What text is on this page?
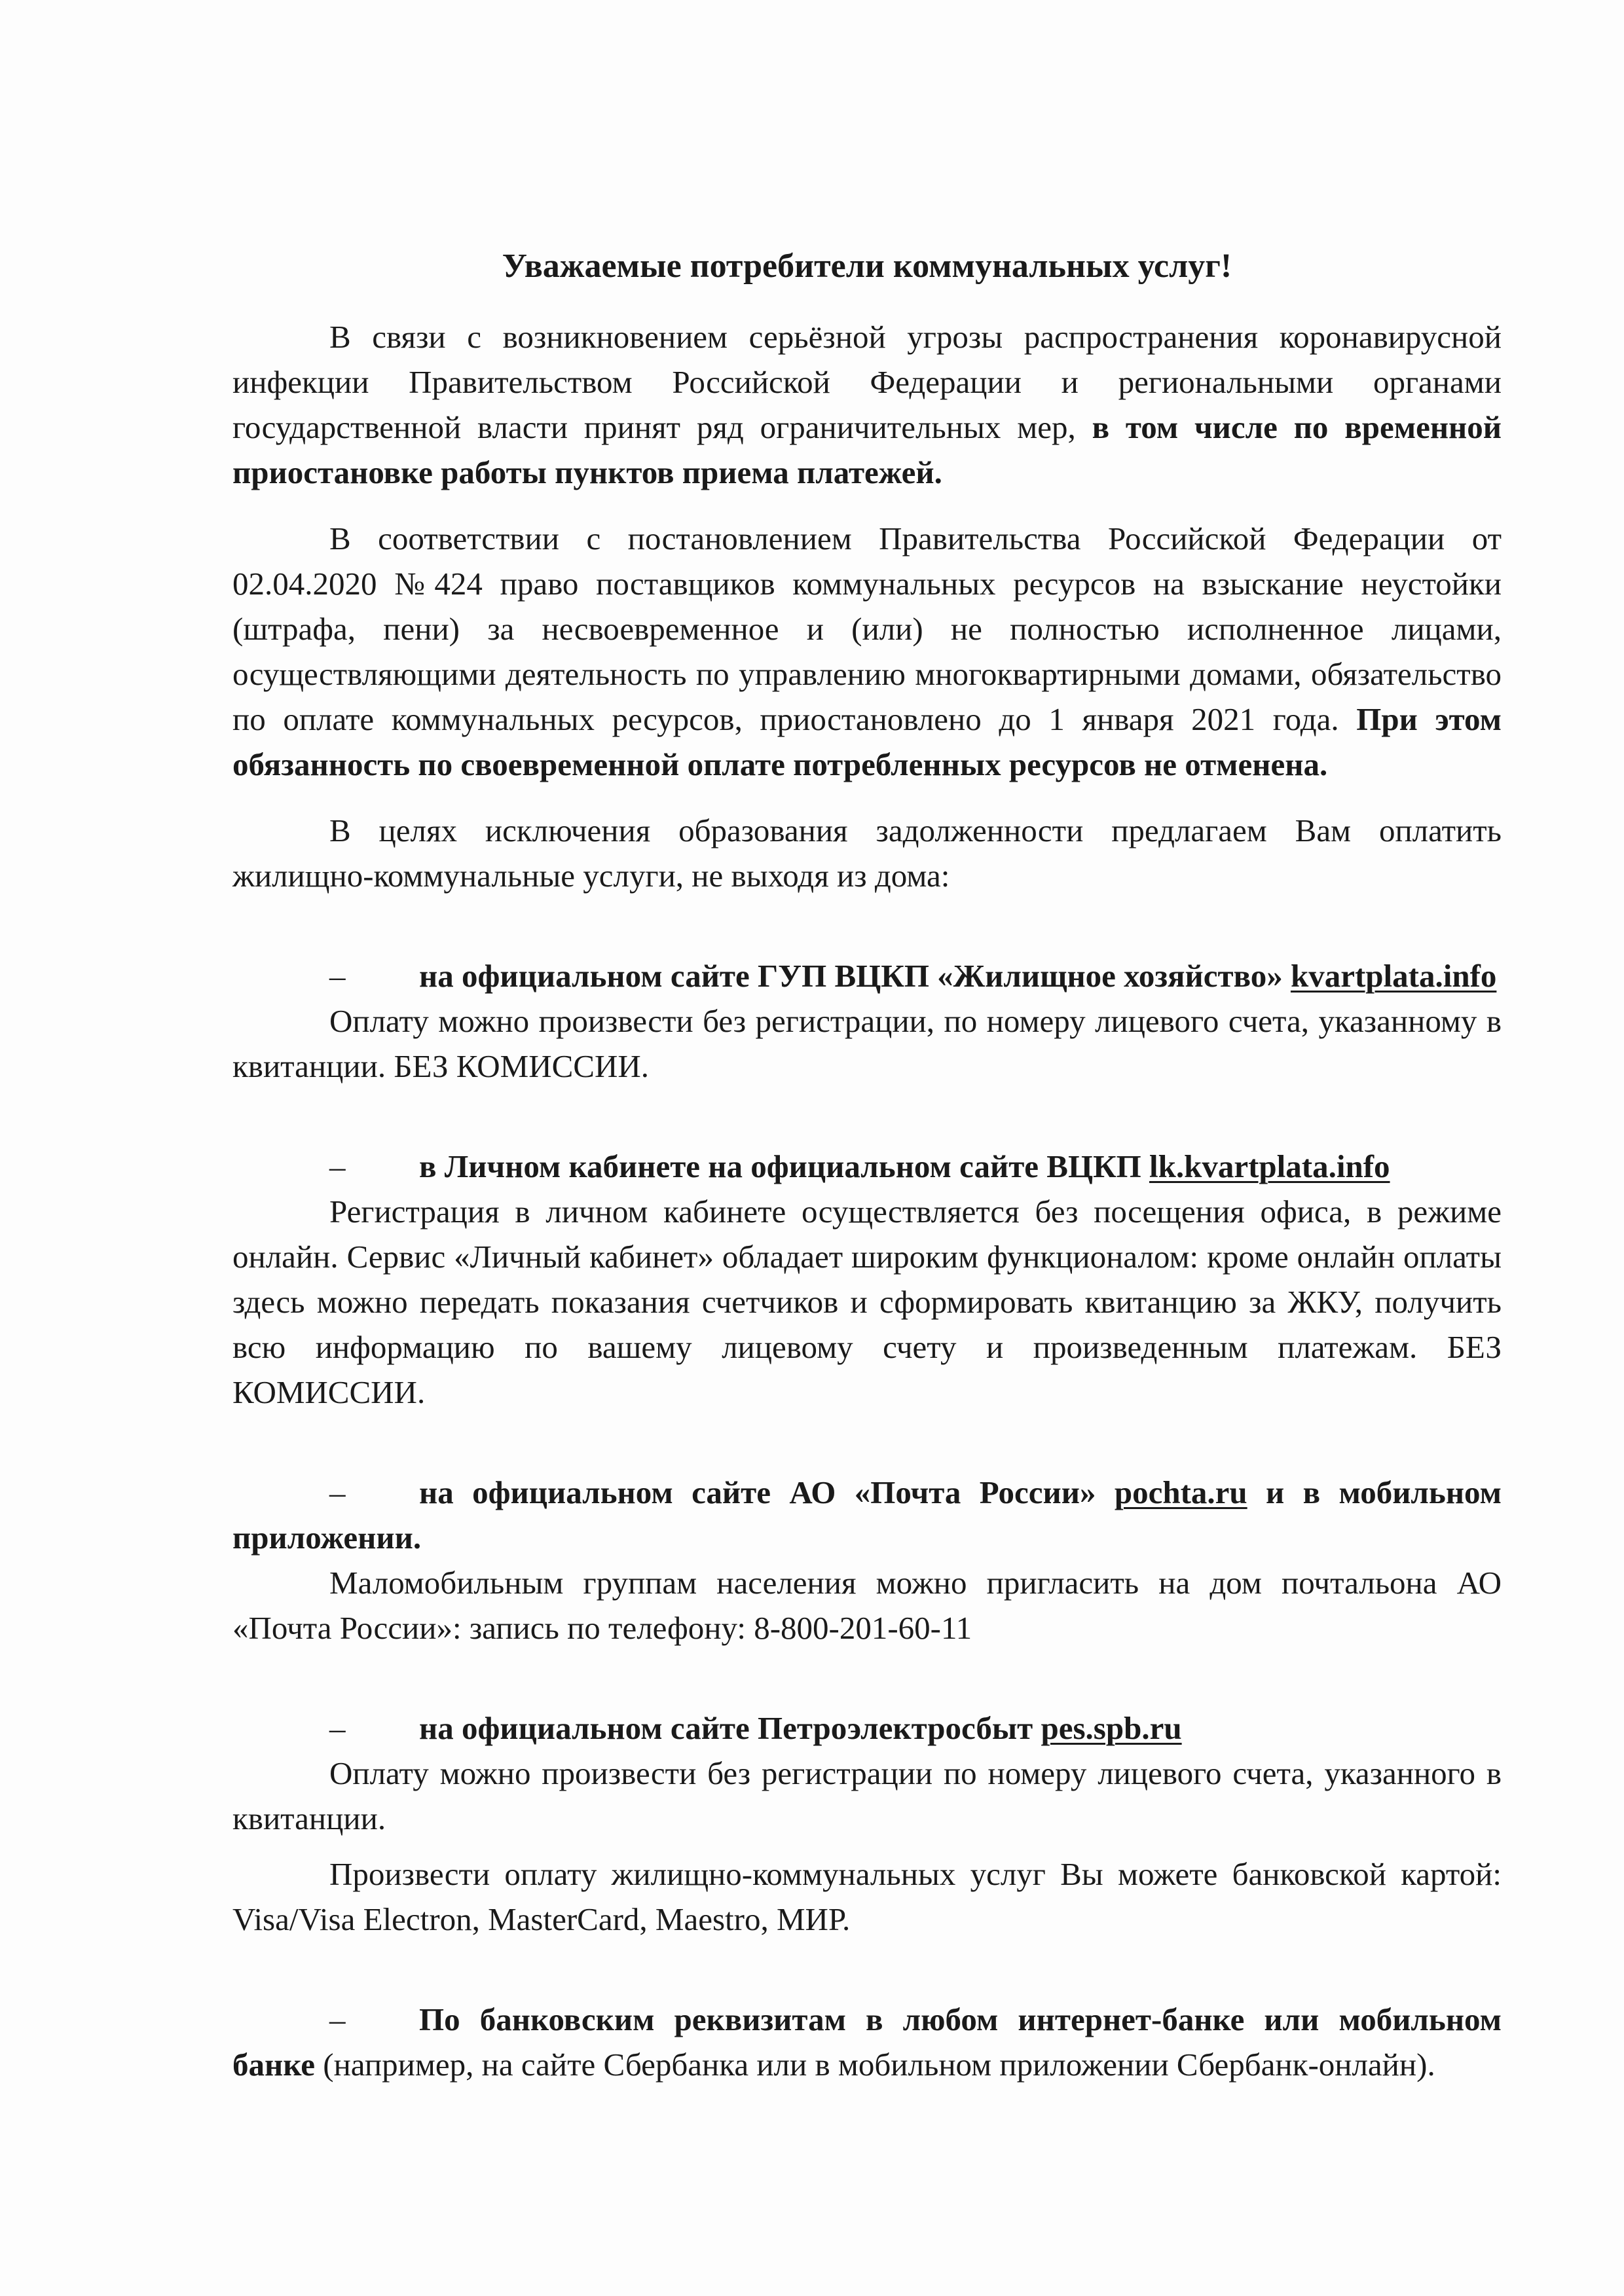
Уважаемые потребители коммунальных услуг!

В связи с возникновением серьёзной угрозы распространения коронавирусной инфекции Правительством Российской Федерации и региональными органами государственной власти принят ряд ограничительных мер, в том числе по временной приостановке работы пунктов приема платежей.

В соответствии с постановлением Правительства Российской Федерации от 02.04.2020 №424 право поставщиков коммунальных ресурсов на взыскание неустойки (штрафа, пени) за несвоевременное и (или) не полностью исполненное лицами, осуществляющими деятельность по управлению многоквартирными домами, обязательство по оплате коммунальных ресурсов, приостановлено до 1 января 2021 года. При этом обязанность по своевременной оплате потребленных ресурсов не отменена.

В целях исключения образования задолженности предлагаем Вам оплатить жилищно-коммунальные услуги, не выходя из дома:

– на официальном сайте ГУП ВЦКП «Жилищное хозяйство» kvartplata.info

Оплату можно произвести без регистрации, по номеру лицевого счета, указанному в квитанции. БЕЗ КОМИССИИ.

– в Личном кабинете на официальном сайте ВЦКП lk.kvartplata.info

Регистрация в личном кабинете осуществляется без посещения офиса, в режиме онлайн. Сервис «Личный кабинет» обладает широким функционалом: кроме онлайн оплаты здесь можно передать показания счетчиков и сформировать квитанцию за ЖКУ, получить всю информацию по вашему лицевому счету и произведенным платежам. БЕЗ КОМИССИИ.

– на официальном сайте АО «Почта России» pochta.ru и в мобильном приложении.

Маломобильным группам населения можно пригласить на дом почтальона АО «Почта России»: запись по телефону: 8-800-201-60-11

– на официальном сайте Петроэлектросбыт pes.spb.ru

Оплату можно произвести без регистрации по номеру лицевого счета, указанного в квитанции.

Произвести оплату жилищно-коммунальных услуг Вы можете банковской картой: Visa/Visa Electron, MasterCard, Maestro, МИР.

– По банковским реквизитам в любом интернет-банке или мобильном банке (например, на сайте Сбербанка или в мобильном приложении Сбербанк-онлайн).
